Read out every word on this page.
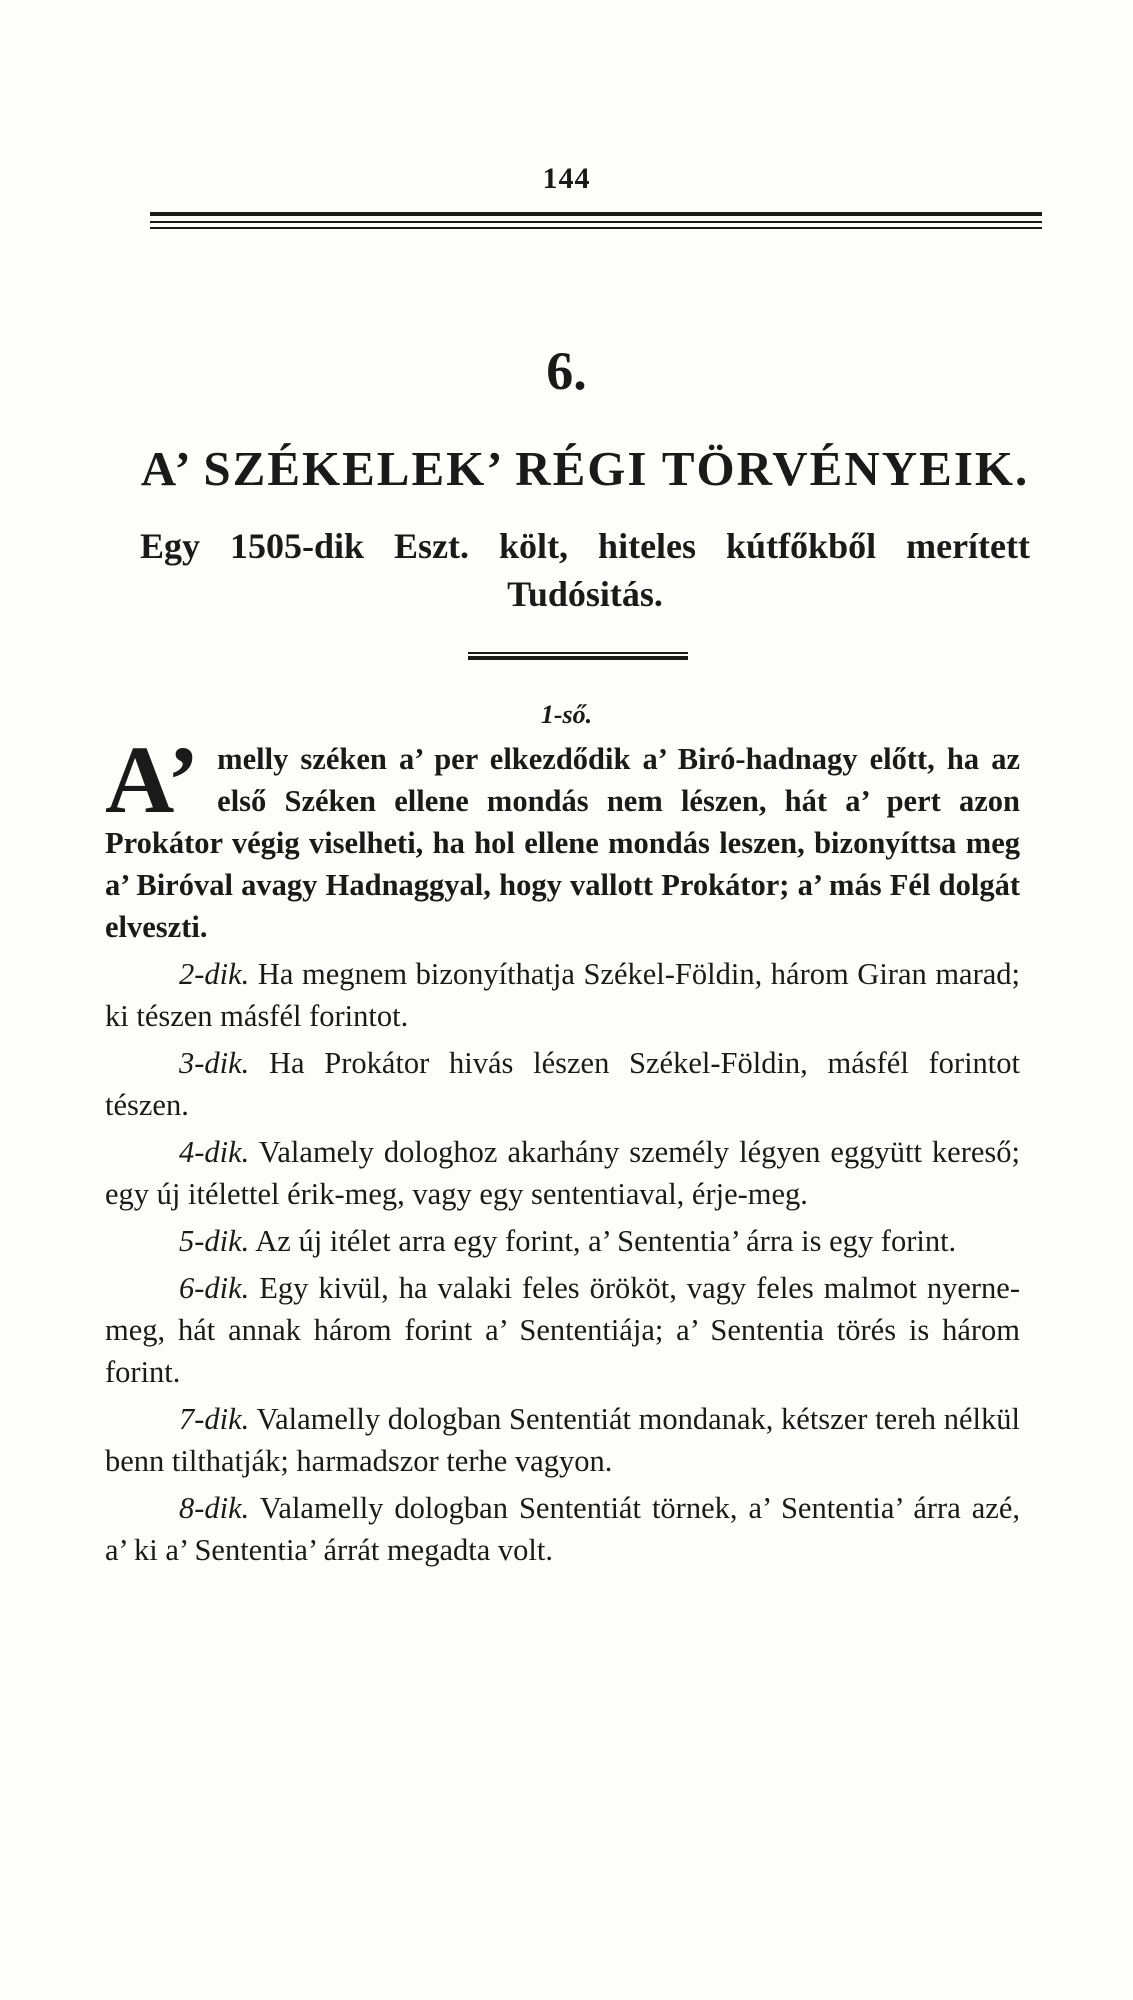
144
6.
A’ SZÉKELEK’ RÉGI TÖRVÉNYEIK.
Egy 1505-dik Eszt. költ, hiteles kútfőkből merített Tudósitás.
1-ső.

A’ melly széken a’ per elkezdődik a’ Biró-hadnagy előtt, ha az első Széken ellene mondás nem lészen, hát a’ pert azon Prokátor végig viselheti, ha hol ellene mondás leszen, bizonyíttsa meg a’ Biróval avagy Hadnaggyal, hogy vallott Prokátor; a’ más Fél dolgát elveszti.

2-dik. Ha megnem bizonyíthatja Székel-Földin, három Giran marad; ki tészen másfél forintot.

3-dik. Ha Prokátor hivás lészen Székel-Földin, másfél forintot tészen.

4-dik. Valamely dologhoz akarhány személy légyen eggyütt kereső; egy új itélettel érik-meg, vagy egy sententiaval, érje-meg.

5-dik. Az új itélet arra egy forint, a’ Sententia’ árra is egy forint.

6-dik. Egy kivül, ha valaki feles örököt, vagy feles malmot nyerne-meg, hát annak három forint a’ Sententiája; a’ Sententia törés is három forint.

7-dik. Valamelly dologban Sententiát mondanak, kétszer tereh nélkül benn tilthatják; harmadszor terhe vagyon.

8-dik. Valamelly dologban Sententiát törnek, a’ Sententia’ árra azé, a’ ki a’ Sententia’ árrát megadta volt.
